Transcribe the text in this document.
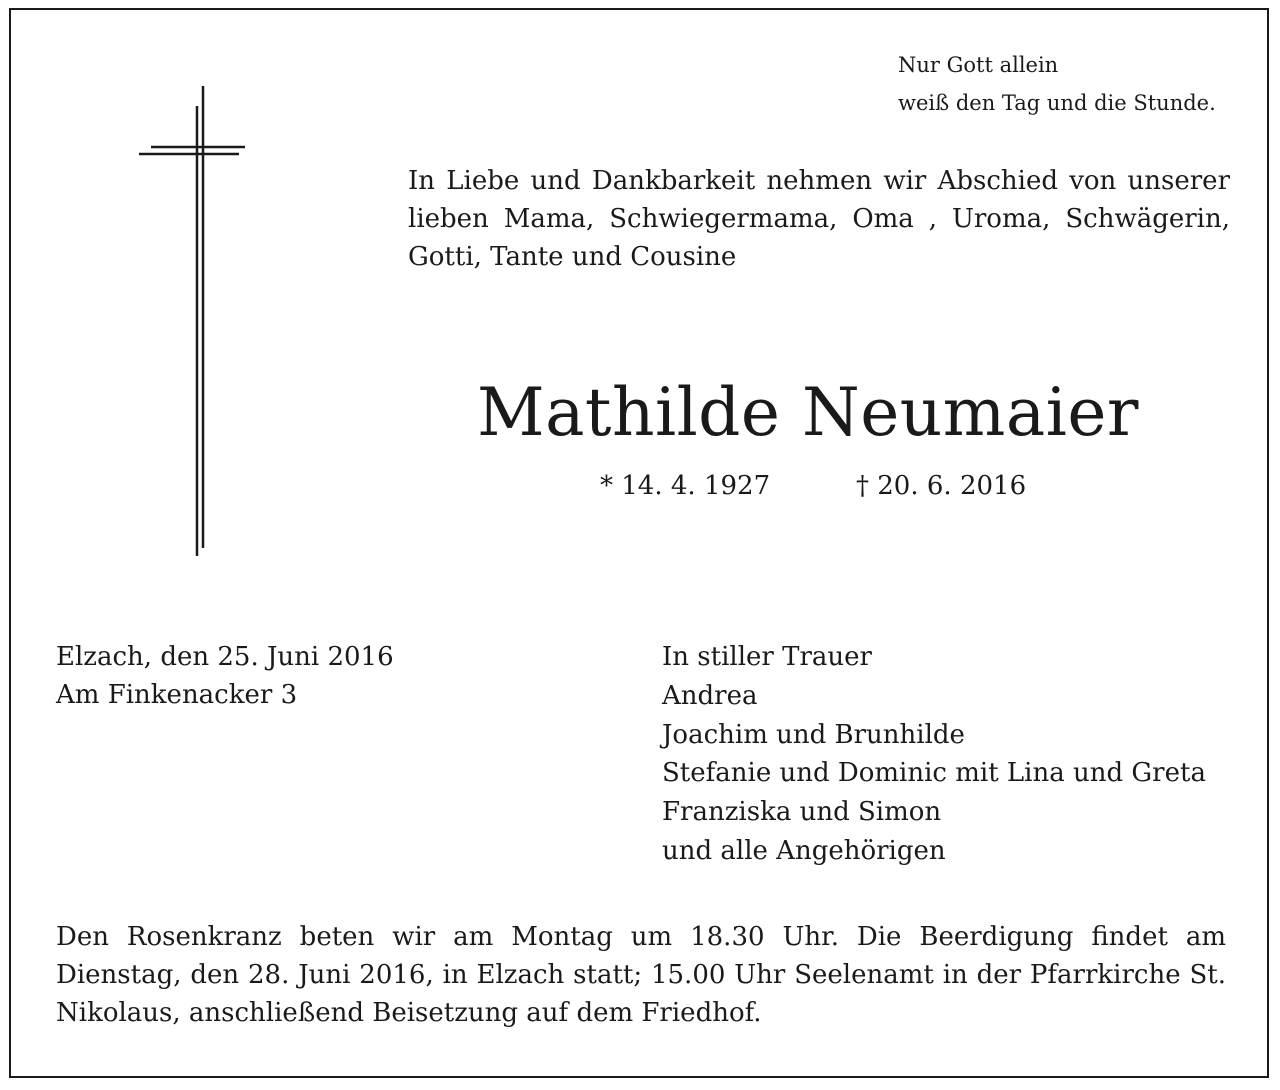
Nur Gott allein
weiß den Tag und die Stunde.
In Liebe und Dankbarkeit nehmen wir Abschied von unserer
lieben Mama, Schwiegermama, Oma , Uroma, Schwägerin,
Gotti, Tante und Cousine
Mathilde Neumaier
* 14. 4. 1927	† 20. 6. 2016
Elzach, den 25. Juni 2016
Am Finkenacker 3
In stiller Trauer
Andrea
Joachim und Brunhilde
Stefanie und Dominic mit Lina und Greta
Franziska und Simon
und alle Angehörigen
Den Rosenkranz beten wir am Montag um 18.30 Uhr. Die Beerdigung findet am
Dienstag, den 28. Juni 2016, in Elzach statt; 15.00 Uhr Seelenamt in der Pfarrkirche St.
Nikolaus, anschließend Beisetzung auf dem Friedhof.
